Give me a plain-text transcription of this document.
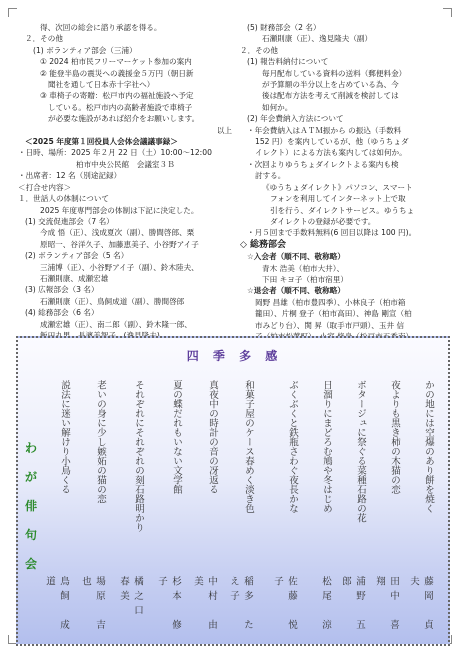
得、次回の総会に諮り承認を得る。
２．その他
(1) ボランティア部会（三浦）
① 2024 柏市民フリーマーケット参加の案内
② 能登半島の震災への義援金５万円（朝日新
聞社を通して日本赤十字社へ）
③ 車椅子の寄贈：松戸市内の福祉施設へ予定
している。松戸市内の高齢者施設で車椅子
が必要な施設があれば紹介をお願いします。
以上
＜2025 年度第１回役員人会体会議議事録＞
・日時、場所：2025 年２月 22 日（土）10:00〜12:00
柏市中央公民館　会議室３Ｂ
・出席者：12 名（別途記録）
＜打合せ内容＞
１．世話人の体制について
2025 年度専門部会の体制は下記に決定した。
(1) 交流促進部会（7 名）
今成 悟（正）、浅成夏次（副）、勝間啓郎、栗
原昭一、谷洋久子、加藤恵美子、小谷野アイ子
(2) ボランティア部会（5 名）
三浦博（正）、小谷野アイ子（副）、鈴木陸夫、
石瀬則康、成瀬宏雄
(3) 広報部会（3 名）
石瀬則康（正）、鳥飼成道（副）、勝間啓郎
(4) 総務部会（6 名）
成瀬宏雄（正）、南二郎（副）、鈴木隆一郎、
(5) 財務部会（2 名）
石瀬則康（正）、逸見隆夫（副）
２．その他
(1) 報告料納付について
毎月配布している資料の送料（郵便料金）
が予算額の半分以上を占めている為、今
後は配布方法を考えて削減を検討しては
如何か。
(2) 年会費納入方法について
・年会費納入はＡＴＭ振から の振込（手数料
152 円）を案内しているが、他（ゆうちょダ
イレクト）による方法も案内しては如何か。
・次回よりゆうちょダイレクトよる案内も検
討する。
《ゆうちょダイレクト》パソコン、スマート
フォンを利用してインターネット上で取
引を行う、ダイレクトサービス。ゆうちょ
ダイレクトの登録が必要です。
・月５回まで手数料無料(6 回目以降は 100 円)。
◇ 総務部会
☆入会者（順不同、敬称略）
青木 浩美（柏市大井）、
下田 キヨ子（柏市宿里）
☆退会者（順不同、敬称略）
岡野 昌雄（柏市豊四季）、小林良子（柏市箱
籠田）、片桐 登子（柏市高田）、神島 剛宣（柏
市みどり台）、関 昇（取手市戸頭）、玉井 信
四 季 多 感
わ
が
俳
句
会
かの地には空爆のあり餅を焼く
藤岡　貞夫
夜よりも黒き柿の木猫の恋
田中　喜翔
ボタージュに祭ぐる菜種石路の花
浦野　五郎
日溜りにまどろむ鳩や冬はじめ
松尾　涼
ぶくぶくと鉄瓶さわぐ夜長かな
佐藤　悦子
和菓子屋のケース春めく淡き色
稲多　たえ子
真夜中の時計の音の冴返る
中村　由美
夏の蝶だれもいない文学館
杉本　修子
それぞれにそれぞれの刻石路明かり
橘之口　春美
老いの身に少し嫉妬の猫の恋
場原　吉也
説法に迷い解けり小鳥くる
鳥飼　成道
